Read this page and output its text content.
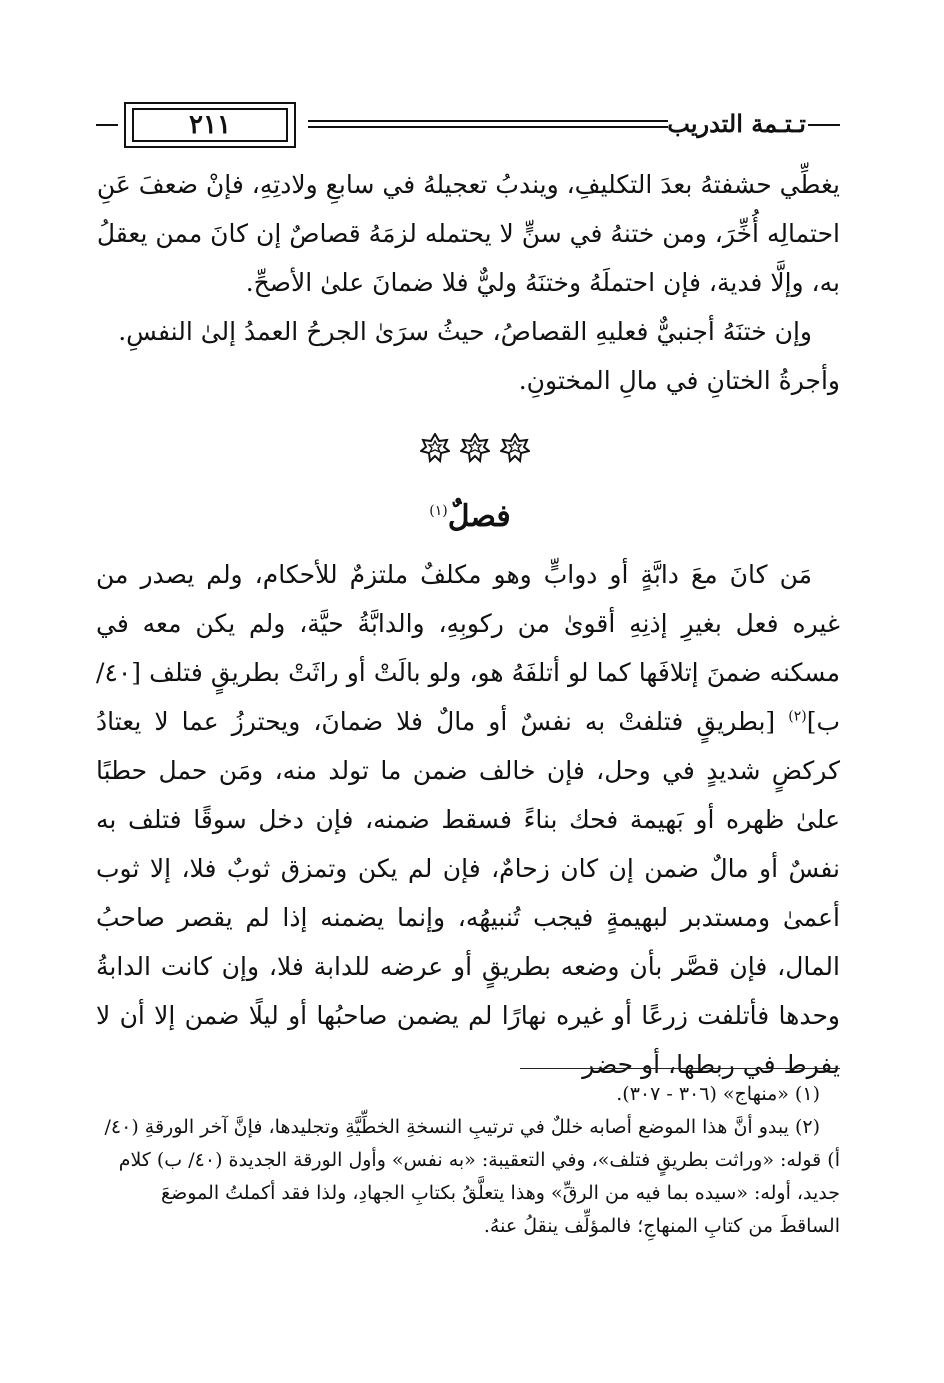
٢١١	تـتـمة التدريب

يغطِّي حشفتهُ بعدَ التكليفِ، ويندبُ تعجيلهُ في سابعِ ولادتِهِ، فإنْ ضعفَ عَنِ احتمالِه أُخِّرَ، ومن ختنهُ في سنٍّ لا يحتمله لزمَهُ قصاصٌ إن كانَ ممن يعقلُ به، وإلَّا فدية، فإن احتملَهُ وختنَهُ وليٌّ فلا ضمانَ علىٰ الأصحِّ.

وإن ختنَهُ أجنبيٌّ فعليهِ القصاصُ، حيثُ سرَىٰ الجرحُ العمدُ إلىٰ النفسِ. وأجرةُ الختانِ في مالِ المختونِ.

فصلٌ$^{(١)}$

مَن كانَ معَ دابَّةٍ أو دوابٍّ وهو مكلفٌ ملتزمٌ للأحكام، ولم يصدر من غيره فعل بغيرِ إذنِهِ أقوىٰ من ركوبِهِ، والدابَّةُ حيَّة، ولم يكن معه في مسكنه ضمنَ إتلافَها كما لو أتلفَهُ هو، ولو بالَتْ أو راثَتْ بطريقٍ فتلف [٤٠/ب]$^{(٢)}$ [بطريقٍ فتلفتْ به نفسٌ أو مالٌ فلا ضمانَ، ويحترزُ عما لا يعتادُ كركضٍ شديدٍ في وحل، فإن خالف ضمن ما تولد منه، ومَن حمل حطبًا علىٰ ظهره أو بَهيمة فحك بناءً فسقط ضمنه، فإن دخل سوقًا فتلف به نفسٌ أو مالٌ ضمن إن كان زحامٌ، فإن لم يكن وتمزق ثوبٌ فلا، إلا ثوب أعمىٰ ومستدبر لبهيمةٍ فيجب تُنبيهُه، وإنما يضمنه إذا لم يقصر صاحبُ المال، فإن قصَّر بأن وضعه بطريقٍ أو عرضه للدابة فلا، وإن كانت الدابةُ وحدها فأتلفت زرعًا أو غيره نهارًا لم يضمن صاحبُها أو ليلًا ضمن إلا أن لا يفرط في ربطها، أو حضر

(١) «منهاج» (٣٠٦ - ٣٠٧).

(٢) يبدو أنَّ هذا الموضع أصابه خللٌ في ترتيبِ النسخةِ الخطِّيَّةِ وتجليدها، فإنَّ آخر الورقةِ (٤٠/أ) قوله: «وراثت بطريقٍ فتلف»، وفي التعقيبة: «به نفس» وأول الورقة الجديدة (٤٠/ ب) كلام جديد، أوله: «سيده بما فيه من الرقِّ» وهذا يتعلَّقُ بكتابِ الجهادِ، ولذا فقد أكملتُ الموضعَ الساقطَ من كتابِ المنهاجِ؛ فالمؤلِّف ينقلُ عنهُ.
